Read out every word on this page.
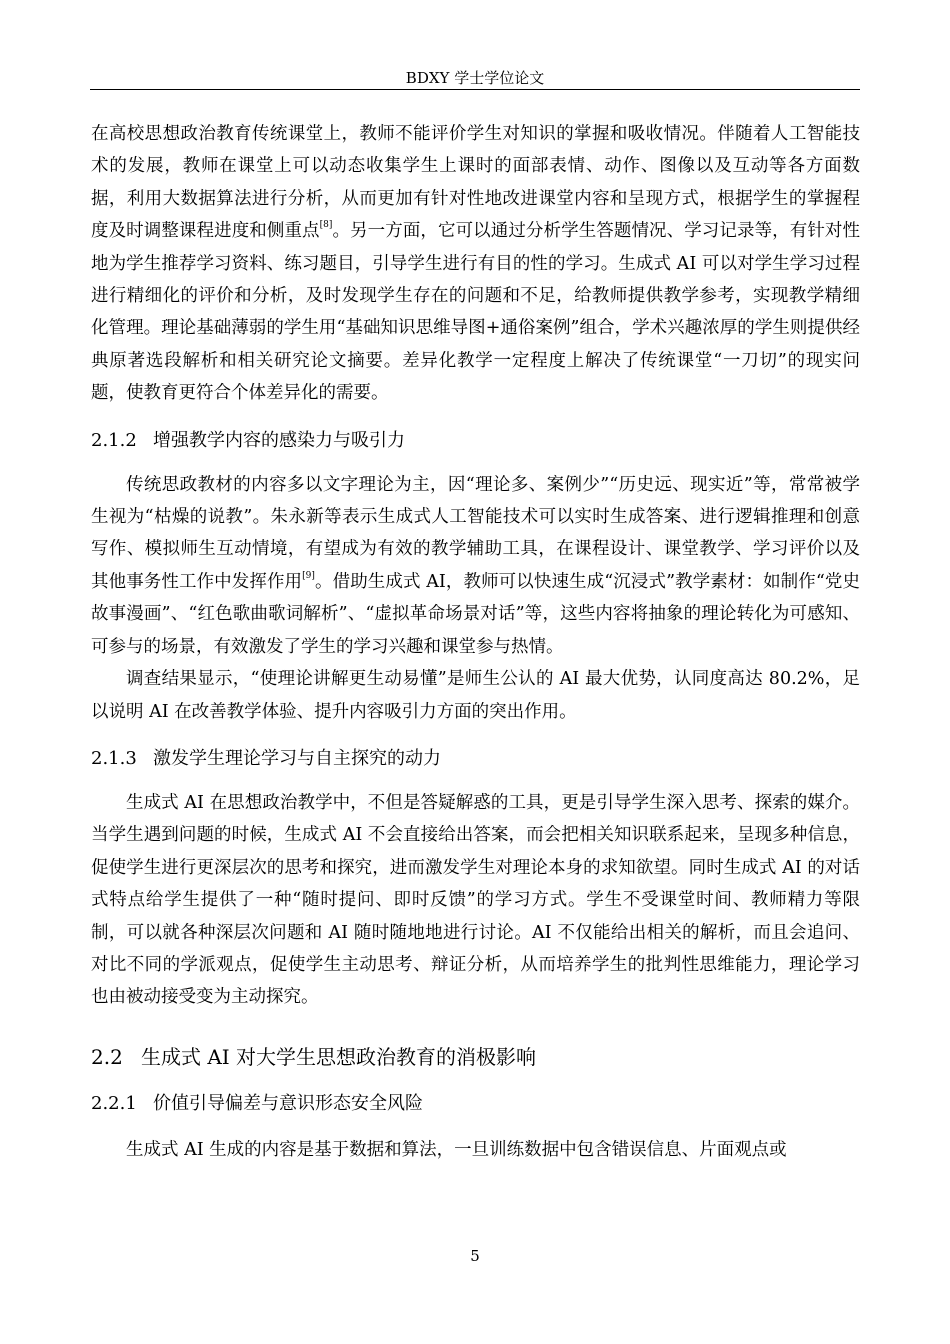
BDXY 学士学位论文

在高校思想政治教育传统课堂上，教师不能评价学生对知识的掌握和吸收情况。伴随着人工智能技术的发展，教师在课堂上可以动态收集学生上课时的面部表情、动作、图像以及互动等各方面数据，利用大数据算法进行分析，从而更加有针对性地改进课堂内容和呈现方式，根据学生的掌握程度及时调整课程进度和侧重点[8]。另一方面，它可以通过分析学生答题情况、学习记录等，有针对性地为学生推荐学习资料、练习题目，引导学生进行有目的性的学习。生成式 AI 可以对学生学习过程进行精细化的评价和分析，及时发现学生存在的问题和不足，给教师提供教学参考，实现教学精细化管理。理论基础薄弱的学生用“基础知识思维导图+通俗案例”组合，学术兴趣浓厚的学生则提供经典原著选段解析和相关研究论文摘要。差异化教学一定程度上解决了传统课堂“一刀切”的现实问题，使教育更符合个体差异化的需要。

2.1.2 增强教学内容的感染力与吸引力

传统思政教材的内容多以文字理论为主，因“理论多、案例少”“历史远、现实近”等，常常被学生视为“枯燥的说教”。朱永新等表示生成式人工智能技术可以实时生成答案、进行逻辑推理和创意写作、模拟师生互动情境，有望成为有效的教学辅助工具，在课程设计、课堂教学、学习评价以及其他事务性工作中发挥作用[9]。借助生成式 AI，教师可以快速生成“沉浸式”教学素材：如制作“党史故事漫画”、“红色歌曲歌词解析”、“虚拟革命场景对话”等，这些内容将抽象的理论转化为可感知、可参与的场景，有效激发了学生的学习兴趣和课堂参与热情。

调查结果显示，“使理论讲解更生动易懂”是师生公认的 AI 最大优势，认同度高达 80.2%，足以说明 AI 在改善教学体验、提升内容吸引力方面的突出作用。

2.1.3 激发学生理论学习与自主探究的动力

生成式 AI 在思想政治教学中，不但是答疑解惑的工具，更是引导学生深入思考、探索的媒介。当学生遇到问题的时候，生成式 AI 不会直接给出答案，而会把相关知识联系起来，呈现多种信息，促使学生进行更深层次的思考和探究，进而激发学生对理论本身的求知欲望。同时生成式 AI 的对话式特点给学生提供了一种“随时提问、即时反馈”的学习方式。学生不受课堂时间、教师精力等限制，可以就各种深层次问题和 AI 随时随地地进行讨论。AI 不仅能给出相关的解析，而且会追问、对比不同的学派观点，促使学生主动思考、辩证分析，从而培养学生的批判性思维能力，理论学习也由被动接受变为主动探究。

2.2 生成式 AI 对大学生思想政治教育的消极影响
2.2.1 价值引导偏差与意识形态安全风险

生成式 AI 生成的内容是基于数据和算法，一旦训练数据中包含错误信息、片面观点或

5
